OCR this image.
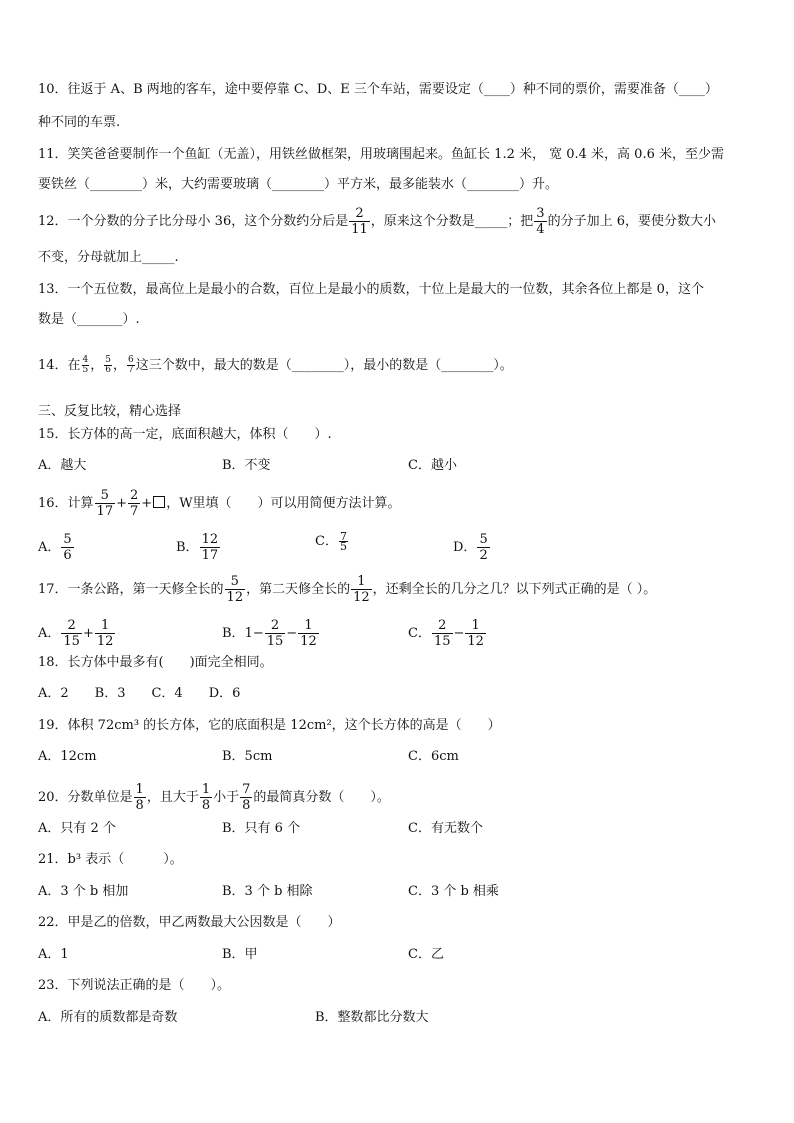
10．往返于 A、B 两地的客车，途中要停靠 C、D、E 三个车站，需要设定（____）种不同的票价，需要准备（____）
种不同的车票.
11．笑笑爸爸要制作一个鱼缸（无盖），用铁丝做框架，用玻璃围起来。鱼缸长 1.2 米， 宽 0.4 米，高 0.6 米，至少需
要铁丝（________）米，大约需要玻璃（________）平方米，最多能装水（________）升。
12．一个分数的分子比分母小 36，这个分数约分后是 $\frac{2}{11}$ ，原来这个分数是_____；把 $\frac{3}{4}$ 的分子加上 6，要使分数大小
不变，分母就加上_____.
13．一个五位数，最高位上是最小的合数，百位上是最小的质数，十位上是最大的一位数，其余各位上都是 0，这个
数是（_______）.
14．在 $\frac{4}{5}$ ， $\frac{5}{6}$ ， $\frac{6}{7}$ 这三个数中，最大的数是（________），最小的数是（________）。
三、反复比较，精心选择
15．长方体的高一定，底面积越大，体积（　　）.
A．越大	B．不变	C．越小
16．计算 $\frac{5}{17} + \frac{2}{7}$ + ，W里填（　　）可以用简便方法计算。
A． $\frac{5}{6}$	B． $\frac{12}{17}$	C． $\frac{7}{5}$	D． $\frac{5}{2}$
17．一条公路，第一天修全长的 $\frac{5}{12}$ ，第二天修全长的 $\frac{1}{12}$ ，还剩全长的几分之几？以下列式正确的是（ ）。
A． $\frac{2}{15} + \frac{1}{12}$	B．$1- \frac{2}{15} - \frac{1}{12}$	C． $\frac{2}{15} - \frac{1}{12}$
18．长方体中最多有(　　)面完全相同。
A．2　　B．3　　C．4　　D．6
19．体积 72cm³ 的长方体，它的底面积是 12cm²，这个长方体的高是（　　）
A．12cm	B．5cm	C．6cm
20．分数单位是 $\frac{1}{8}$ ，且大于 $\frac{1}{8}$ 小于 $\frac{7}{8}$ 的最简真分数（　　）。
A．只有 2 个	B．只有 6 个	C．有无数个
21．b³ 表示（　　　）。
A．3 个 b 相加	B．3 个 b 相除	C．3 个 b 相乘
22．甲是乙的倍数，甲乙两数最大公因数是（　　）
A．1	B．甲	C．乙
23．下列说法正确的是（　　）。
A．所有的质数都是奇数	B．整数都比分数大
